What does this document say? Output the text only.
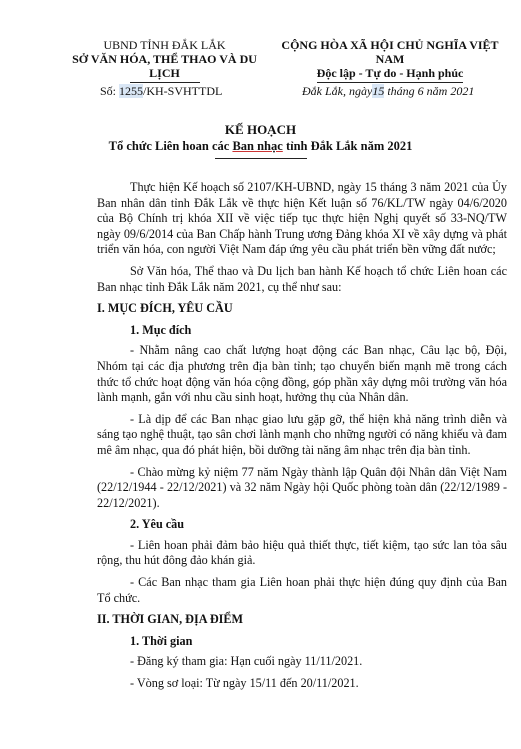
UBND TỈNH ĐẮK LẮK
SỞ VĂN HÓA, THỂ THAO VÀ DU LỊCH
CỘNG HÒA XÃ HỘI CHỦ NGHĨA VIỆT NAM
Độc lập - Tự do - Hạnh phúc
Số: 1255/KH-SVHTTDL	Đắk Lắk, ngày15 tháng 6 năm 2021
KẾ HOẠCH
Tổ chức Liên hoan các Ban nhạc tỉnh Đắk Lắk năm 2021

Thực hiện Kế hoạch số 2107/KH-UBND, ngày 15 tháng 3 năm 2021 của Ủy Ban nhân dân tỉnh Đắk Lắk về thực hiện Kết luận số 76/KL/TW ngày 04/6/2020 của Bộ Chính trị khóa XII về việc tiếp tục thực hiện Nghị quyết số 33-NQ/TW ngày 09/6/2014 của Ban Chấp hành Trung ương Đảng khóa XI về xây dựng và phát triển văn hóa, con người Việt Nam đáp ứng yêu cầu phát triển bền vững đất nước;

Sở Văn hóa, Thể thao và Du lịch ban hành Kế hoạch tổ chức Liên hoan các Ban nhạc tỉnh Đắk Lắk năm 2021, cụ thể như sau:

I. MỤC ĐÍCH, YÊU CẦU
1. Mục đích

- Nhằm nâng cao chất lượng hoạt động các Ban nhạc, Câu lạc bộ, Đội, Nhóm tại các địa phương trên địa bàn tỉnh; tạo chuyển biến mạnh mẽ trong cách thức tổ chức hoạt động văn hóa cộng đồng, góp phần xây dựng môi trường văn hóa lành mạnh, gắn với nhu cầu sinh hoạt, hưởng thụ của Nhân dân.

- Là dịp để các Ban nhạc giao lưu gặp gỡ, thể hiện khả năng trình diễn và sáng tạo nghệ thuật, tạo sân chơi lành mạnh cho những người có năng khiếu và đam mê âm nhạc, qua đó phát hiện, bồi dưỡng tài năng âm nhạc trên địa bàn tỉnh.

- Chào mừng kỷ niệm 77 năm Ngày thành lập Quân đội Nhân dân Việt Nam (22/12/1944 - 22/12/2021) và 32 năm Ngày hội Quốc phòng toàn dân (22/12/1989 - 22/12/2021).

2. Yêu cầu

- Liên hoan phải đảm bảo hiệu quả thiết thực, tiết kiệm, tạo sức lan tỏa sâu rộng, thu hút đông đảo khán giả.

- Các Ban nhạc tham gia Liên hoan phải thực hiện đúng quy định của Ban Tổ chức.

II. THỜI GIAN, ĐỊA ĐIỂM
1. Thời gian

- Đăng ký tham gia: Hạn cuối ngày 11/11/2021.

- Vòng sơ loại: Từ ngày 15/11 đến 20/11/2021.
